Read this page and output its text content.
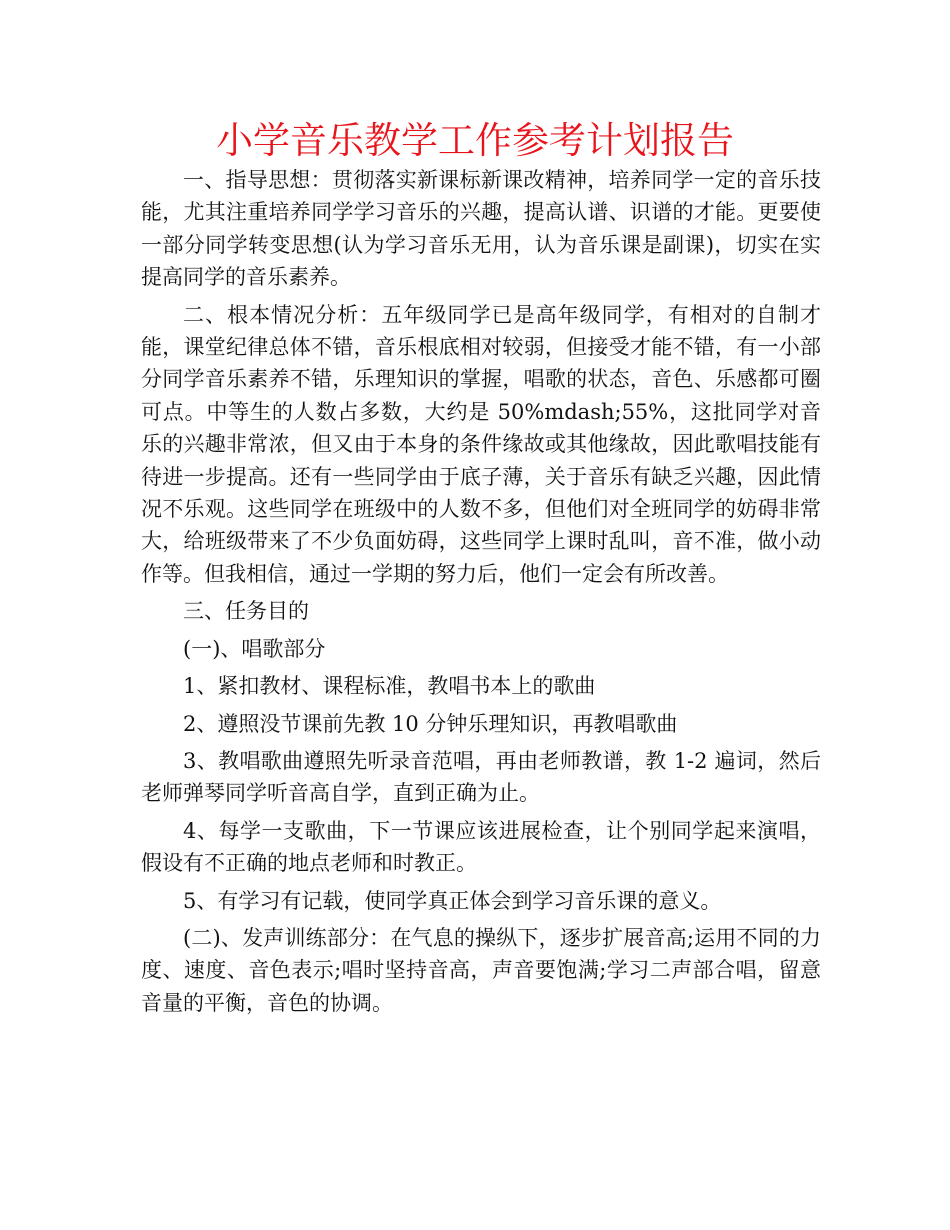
小学音乐教学工作参考计划报告

一、指导思想：贯彻落实新课标新课改精神，培养同学一定的音乐技能，尤其注重培养同学学习音乐的兴趣，提高认谱、识谱的才能。更要使一部分同学转变思想(认为学习音乐无用，认为音乐课是副课)，切实在实提高同学的音乐素养。

二、根本情况分析：五年级同学已是高年级同学，有相对的自制才能，课堂纪律总体不错，音乐根底相对较弱，但接受才能不错，有一小部分同学音乐素养不错，乐理知识的掌握，唱歌的状态，音色、乐感都可圈可点。中等生的人数占多数，大约是 50%mdash;55%，这批同学对音乐的兴趣非常浓，但又由于本身的条件缘故或其他缘故，因此歌唱技能有待进一步提高。还有一些同学由于底子薄，关于音乐有缺乏兴趣，因此情况不乐观。这些同学在班级中的人数不多，但他们对全班同学的妨碍非常大，给班级带来了不少负面妨碍，这些同学上课时乱叫，音不准，做小动作等。但我相信，通过一学期的努力后，他们一定会有所改善。

三、任务目的

(一)、唱歌部分

1、紧扣教材、课程标准，教唱书本上的歌曲

2、遵照没节课前先教 10 分钟乐理知识，再教唱歌曲

3、教唱歌曲遵照先听录音范唱，再由老师教谱，教 1-2 遍词，然后老师弹琴同学听音高自学，直到正确为止。

4、每学一支歌曲，下一节课应该进展检查，让个别同学起来演唱，假设有不正确的地点老师和时教正。

5、有学习有记载，使同学真正体会到学习音乐课的意义。

(二)、发声训练部分：在气息的操纵下，逐步扩展音高;运用不同的力度、速度、音色表示;唱时坚持音高，声音要饱满;学习二声部合唱，留意音量的平衡，音色的协调。
